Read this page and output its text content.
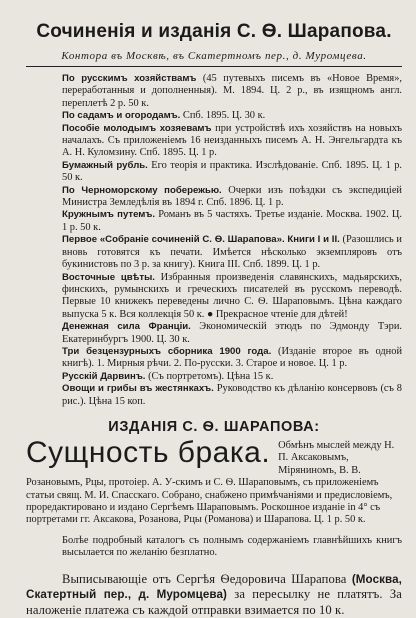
Сочиненія и изданія С. Ѳ. Шарапова.
Контора въ Москвѣ, въ Скатертномъ пер., д. Муромцева.

По русскимъ хозяйствамъ (45 путевыхъ писемъ въ «Новое Время», переработанныя и дополненныя). М. 1894. Ц. 2 р., въ изящномъ англ. переплетѣ 2 р. 50 к.

По садамъ и огородамъ. Спб. 1895. Ц. 30 к.

Пособіе молодымъ хозяевамъ при устройствѣ ихъ хозяйствъ на новыхъ началахъ. Съ приложеніемъ 16 неизданныхъ писемъ А. Н. Энгельгардта къ А. Н. Куломзину. Спб. 1895. Ц. 1 р.

Бумажный рубль. Его теорія и практика. Изслѣдованіе. Спб. 1895. Ц. 1 р. 50 к.

По Черноморскому побережью. Очерки изъ поѣздки съ экспедиціей Министра Земледѣлія въ 1894 г. Спб. 1896. Ц. 1 р.

Кружнымъ путемъ. Романъ въ 5 частяхъ. Третье изданіе. Москва. 1902. Ц. 1 р. 50 к.

Первое «Собраніе сочиненій С. Ѳ. Шарапова». Книги I и II. (Разошлись и вновь готовятся къ печати. Имѣется нѣсколько экземпляровъ отъ букинистовъ по 3 р. за книгу). Книга III. Спб. 1899. Ц. 1 р.

Восточные цвѣты. Избранныя произведенія славянскихъ, мадьярскихъ, финскихъ, румынскихъ и греческихъ писателей въ русскомъ переводѣ. Первые 10 книжекъ переведены лично С. Ѳ. Шараповымъ. Цѣна каждаго выпуска 5 к. Вся коллекція 50 к. ● Прекрасное чтеніе для дѣтей!

Денежная сила Франціи. Экономическій этюдъ по Эдмонду Тэри. Екатеринбургъ 1900. Ц. 30 к.

Три безцензурныхъ сборника 1900 года. (Изданіе второе въ одной книгѣ). 1. Мирныя рѣчи. 2. По-русски. 3. Старое и новое. Ц. 1 р.

Русскій Дарвинъ. (Съ портретомъ). Цѣна 15 к.

Овощи и грибы въ жестянкахъ. Руководство къ дѣланію консервовъ (съ 8 рис.). Цѣна 15 коп.

ИЗДАНІЯ С. Ѳ. ШАРАПОВА:
Сущность брака. Обмѣнъ мыслей между Н. П. Аксаковымъ, Міряниномъ, В. В. Розановымъ, Рцы, протоіер. А. У-скимъ и С. Ѳ. Шараповымъ, съ приложеніемъ статьи свящ. М. И. Спасскаго. Собрано, снабжено примѣчаніями и предисловіемъ, проредактировано и издано Сергѣемъ Шараповымъ. Роскошное изданіе in 4° съ портретами гг. Аксакова, Розанова, Рцы (Романова) и Шарапова. Ц. 1 р. 50 к.
Болѣе подробный каталогъ съ полнымъ содержаніемъ главнѣйшихъ книгъ высылается по желанію безплатно.
Выписывающіе отъ Сергѣя Ѳедоровича Шарапова (Москва, Скатертный пер., д. Муромцева) за пересылку не платятъ. За наложеніе платежа съ каждой отправки взимается по 10 к.
